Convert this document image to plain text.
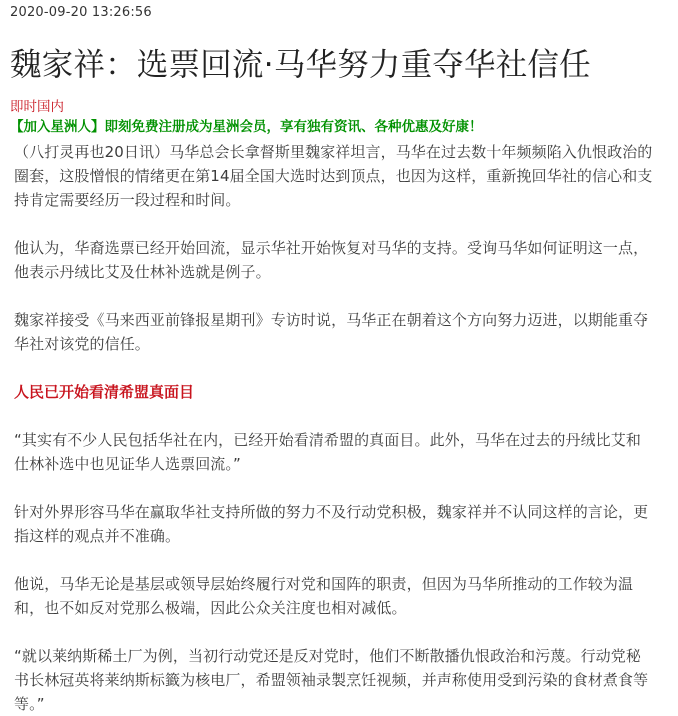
2020-09-20 13:26:56
魏家祥：选票回流·马华努力重夺华社信任
即时国内
【加入星洲人】即刻免费注册成为星洲会员，享有独有资讯、各种优惠及好康！

（八打灵再也20日讯）马华总会长拿督斯里魏家祥坦言，马华在过去数十年频频陷入仇恨政治的圈套，这股憎恨的情绪更在第14届全国大选时达到顶点，也因为这样，重新挽回华社的信心和支持肯定需要经历一段过程和时间。

他认为，华裔选票已经开始回流，显示华社开始恢复对马华的支持。受询马华如何证明这一点，他表示丹绒比艾及仕林补选就是例子。

魏家祥接受《马来西亚前锋报星期刊》专访时说，马华正在朝着这个方向努力迈进，以期能重夺华社对该党的信任。

人民已开始看清希盟真面目

“其实有不少人民包括华社在内，已经开始看清希盟的真面目。此外，马华在过去的丹绒比艾和仕林补选中也见证华人选票回流。”

针对外界形容马华在赢取华社支持所做的努力不及行动党积极，魏家祥并不认同这样的言论，更指这样的观点并不准确。

他说，马华无论是基层或领导层始终履行对党和国阵的职责，但因为马华所推动的工作较为温和，也不如反对党那么极端，因此公众关注度也相对减低。

“就以莱纳斯稀土厂为例，当初行动党还是反对党时，他们不断散播仇恨政治和污蔑。行动党秘书长林冠英将莱纳斯标籤为核电厂，希盟领袖录製烹饪视频，并声称使用受到污染的食材煮食等等。”
